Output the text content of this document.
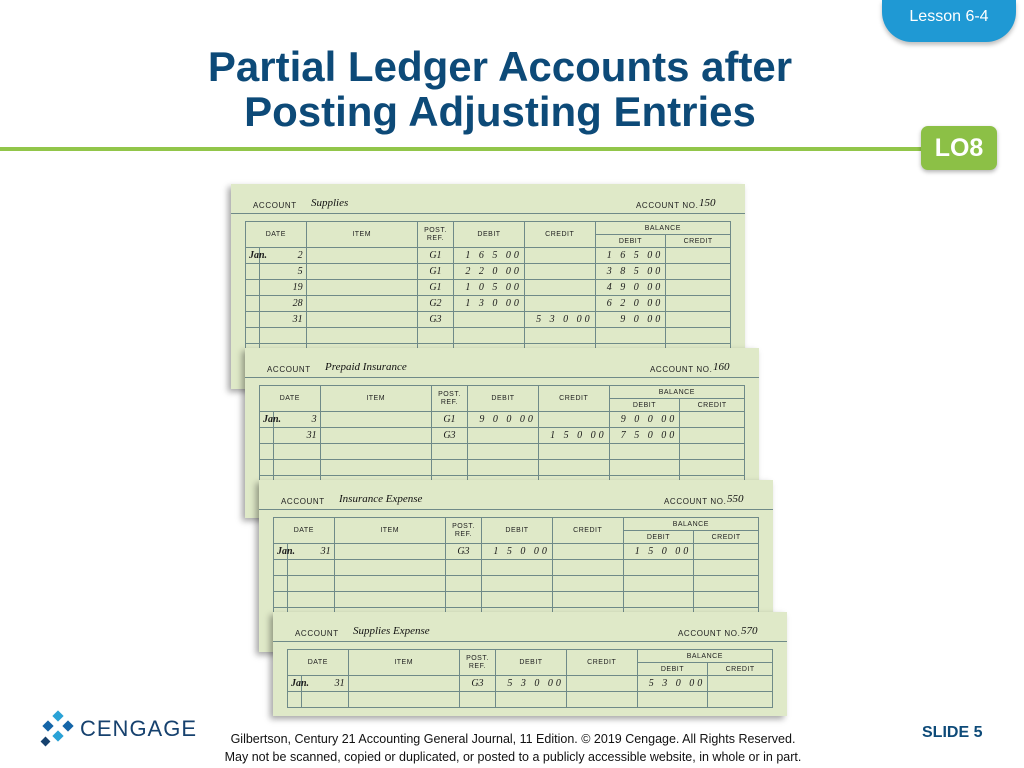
Lesson 6-4
Partial Ledger Accounts after
Posting Adjusting Entries
LO8
ACCOUNT Supplies	ACCOUNT NO. 150
DATE		ITEM	POST.
REF.	DEBIT	CREDIT	BALANCE	
						DEBIT	CREDIT
Jan.	2		G1	1 6 5 00		1 6 5 00	
	5		G1	2 2 0 00		3 8 5 00	
	19		G1	1 0 5 00		4 9 0 00	
	28		G2	1 3 0 00		6 2 0 00	
	31		G3		5 3 0 00	9 0 00	

ACCOUNT Prepaid Insurance	ACCOUNT NO. 160
DATE		ITEM	POST.
REF.	DEBIT	CREDIT	BALANCE	
						DEBIT	CREDIT
Jan.	3		G1	9 0 0 00		9 0 0 00	
	31		G3		1 5 0 00	7 5 0 00	

ACCOUNT Insurance Expense	ACCOUNT NO. 550
DATE		ITEM	POST.
REF.	DEBIT	CREDIT	BALANCE	
						DEBIT	CREDIT
Jan.	31		G3	1 5 0 00		1 5 0 00	

ACCOUNT Supplies Expense	ACCOUNT NO. 570
DATE		ITEM	POST.
REF.	DEBIT	CREDIT	BALANCE	
						DEBIT	CREDIT
Jan.	31		G3	5 3 0 00		5 3 0 00	

CENGAGE	Gilbertson, Century 21 Accounting General Journal, 11 Edition. © 2019 Cengage. All Rights Reserved.
May not be scanned, copied or duplicated, or posted to a publicly accessible website, in whole or in part.
SLIDE 5
